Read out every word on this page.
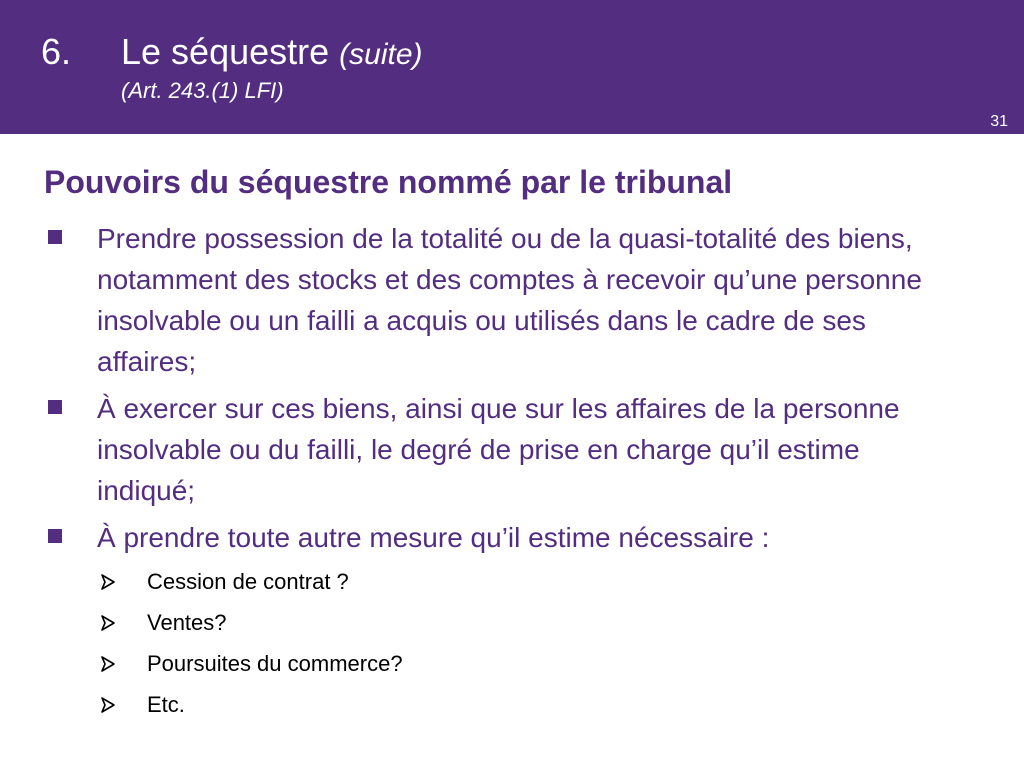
6. Le séquestre (suite)
(Art. 243.(1) LFI)
31
Pouvoirs du séquestre nommé par le tribunal
Prendre possession de la totalité ou de la quasi-totalité des biens, notamment des stocks et des comptes à recevoir qu’une personne insolvable ou un failli a acquis ou utilisés dans le cadre de ses affaires;
À exercer sur ces biens, ainsi que sur les affaires de la personne insolvable ou du failli, le degré de prise en charge qu’il estime indiqué;
À prendre toute autre mesure qu’il estime nécessaire :
Cession de contrat ?
Ventes?
Poursuites du commerce?
Etc.
